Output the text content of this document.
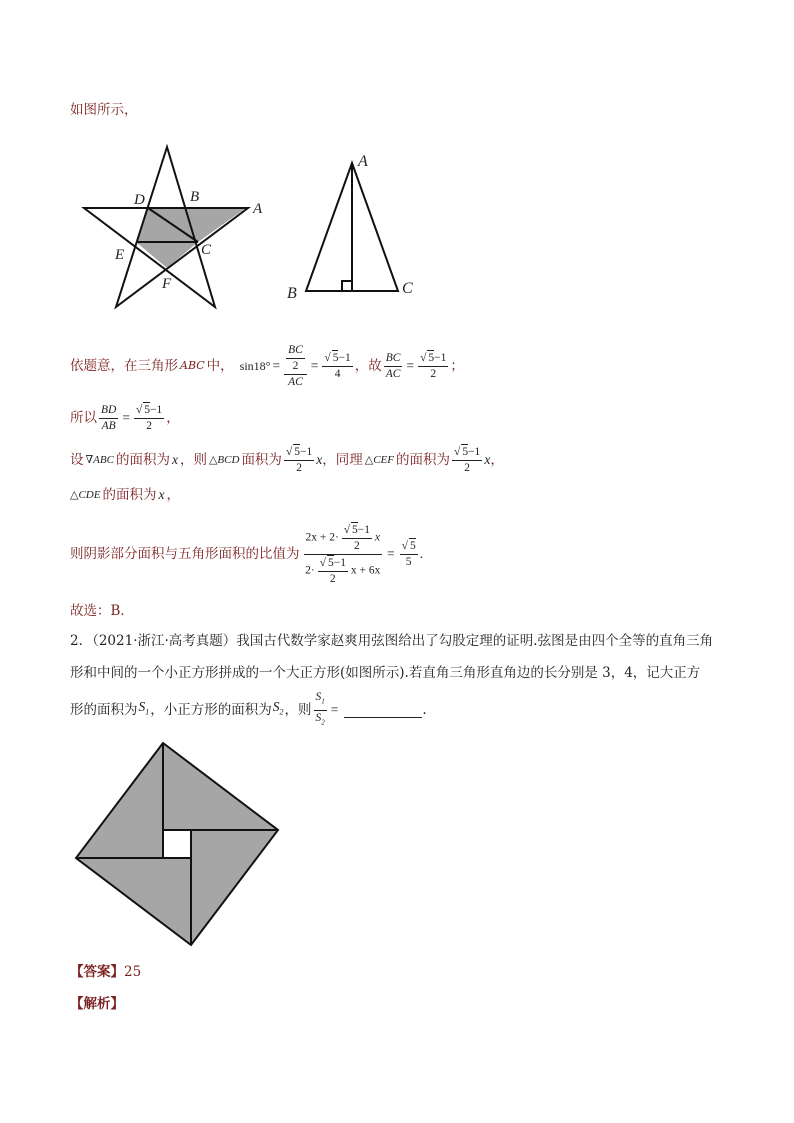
如图所示，
D	B
A
E	C
F
A
B	C
依题意，在三角形 ABC 中， $\sin 18^\circ = \frac{\frac{BC}{2}}{AC} = \frac{√ 5-1}{4}$ ，故 $\frac{BC}{AC} = \frac{√ 5-1}{2}$ ；
所以 $\frac{BD}{AB} = \frac{√ 5-1}{2}$ ，
设 ∇ABC 的面积为 x ，则 △BCD 面积为 $\frac{√ 5-1}{2}$ x ，同理 △CEF 的面积为 $\frac{√ 5-1}{2}$ x ，
△CDE 的面积为 x ，
则阴影部分面积与五角形面积的比值为 $\frac{2x + 2\cdot \frac{√ 5-1}{2} x}{2\cdot \frac{√ 5-1}{2} x + 6x} = \frac{√ 5}{5}$ .
故选：B．
2．（2021·浙江·高考真题）我国古代数学家赵爽用弦图给出了勾股定理的证明.弦图是由四个全等的直角三角
形和中间的一个小正方形拼成的一个大正方形(如图所示).若直角三角形直角边的长分别是 3，4，记大正方
形的面积为 $S_1$ ，小正方形的面积为 $S_2$ ，则 $\frac{S_1}{S_2}$ =	.
【答案】25
【解析】
